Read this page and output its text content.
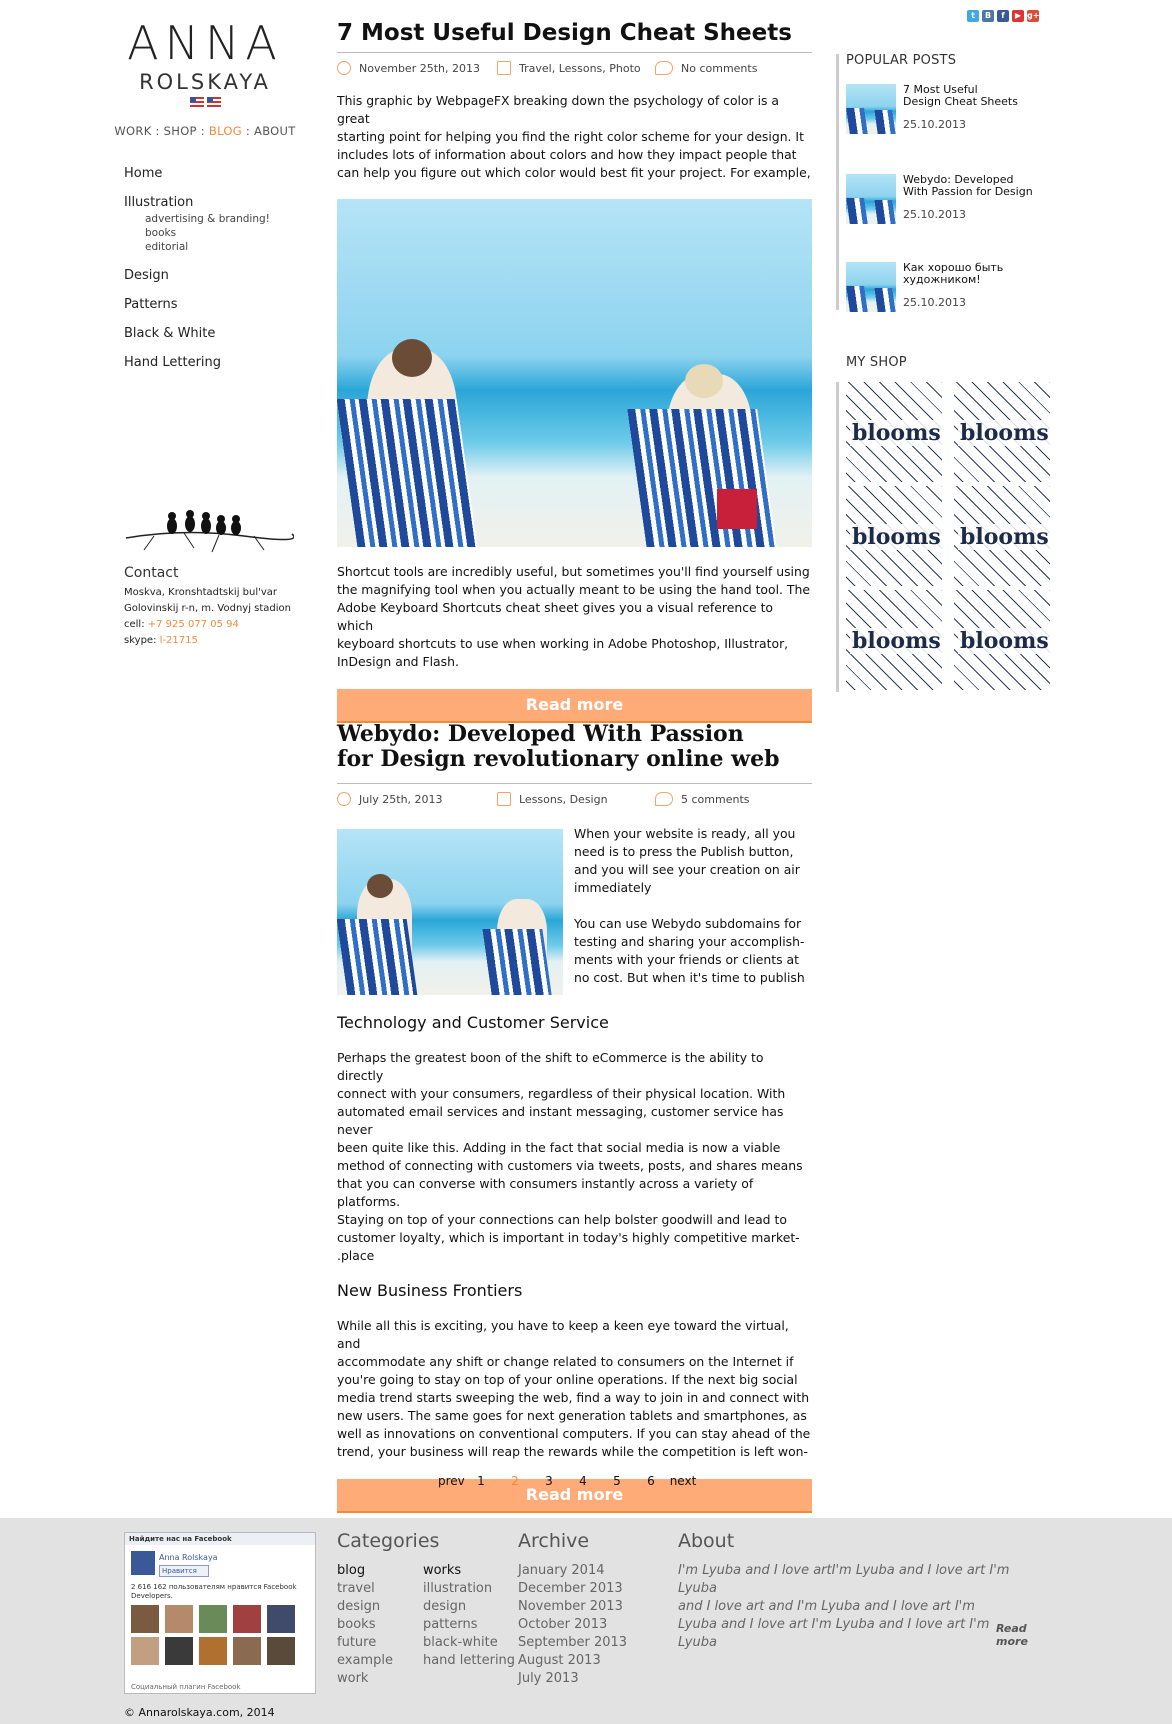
ANNA
ROLSKAYA
WORK : SHOP : BLOG : ABOUT
Home
Illustration
advertising & branding!
books
editorial
Design
Patterns
Black & White
Hand Lettering
Contact
Moskva, Kronshtadtskij bul'var
Golovinskij r-n, m. Vodnyj stadion
cell: +7 925 077 05 94
skype: l-21715
t	B	f	▶ g+
7 Most Useful Design Cheat Sheets
November 25th, 2013	Travel, Lessons, Photo	No comments
This graphic by WebpageFX breaking down the psychology of color is a great
starting point for helping you find the right color scheme for your design. It
includes lots of information about colors and how they impact people that
can help you figure out which color would best fit your project. For example,
Shortcut tools are incredibly useful, but sometimes you'll find yourself using
the magnifying tool when you actually meant to be using the hand tool. The
Adobe Keyboard Shortcuts cheat sheet gives you a visual reference to which
keyboard shortcuts to use when working in Adobe Photoshop, Illustrator,
InDesign and Flash.
Read more
Webydo: Developed With Passion
for Design revolutionary online web
July 25th, 2013	Lessons, Design	5 comments
When your website is ready, all you
need is to press the Publish button,
and you will see your creation on air
immediately
You can use Webydo subdomains for
testing and sharing your accomplish-
ments with your friends or clients at
no cost. But when it's time to publish
Technology and Customer Service
Perhaps the greatest boon of the shift to eCommerce is the ability to directly
connect with your consumers, regardless of their physical location. With
automated email services and instant messaging, customer service has never
been quite like this. Adding in the fact that social media is now a viable
method of connecting with customers via tweets, posts, and shares means
that you can converse with consumers instantly across a variety of platforms.
Staying on top of your connections can help bolster goodwill and lead to
customer loyalty, which is important in today's highly competitive market-
.place
New Business Frontiers
While all this is exciting, you have to keep a keen eye toward the virtual, and
accommodate any shift or change related to consumers on the Internet if
you're going to stay on top of your online operations. If the next big social
media trend starts sweeping the web, find a way to join in and connect with
new users. The same goes for next generation tablets and smartphones, as
well as innovations on conventional computers. If you can stay ahead of the
trend, your business will reap the rewards while the competition is left won-
Read more
prev	1	2	3	4	5	6	next
POPULAR POSTS
7 Most Useful
Design Cheat Sheets
25.10.2013
Webydo: Developed
With Passion for Design
25.10.2013
Как хорошо быть
художником!
25.10.2013
MY SHOP
blooms blooms
blooms blooms
blooms blooms
Найдите нас на Facebook
Anna Rolskaya
Нравится
2 616 162 пользователям нравится Facebook Developers.
Социальный плагин Facebook
Categories
blog
travel
design
books
future
example
work
works
illustration
design
patterns
black-white
hand lettering
Archive
January 2014
December 2013
November 2013
October 2013
September 2013
August 2013
July 2013
About

I'm Lyuba and I love artI'm Lyuba and I love art I'm Lyuba

and I love art and I'm Lyuba and I love art I'm

Lyuba and I love art I'm Lyuba and I love art I'm Lyuba

Read more
© Annarolskaya.com, 2014
